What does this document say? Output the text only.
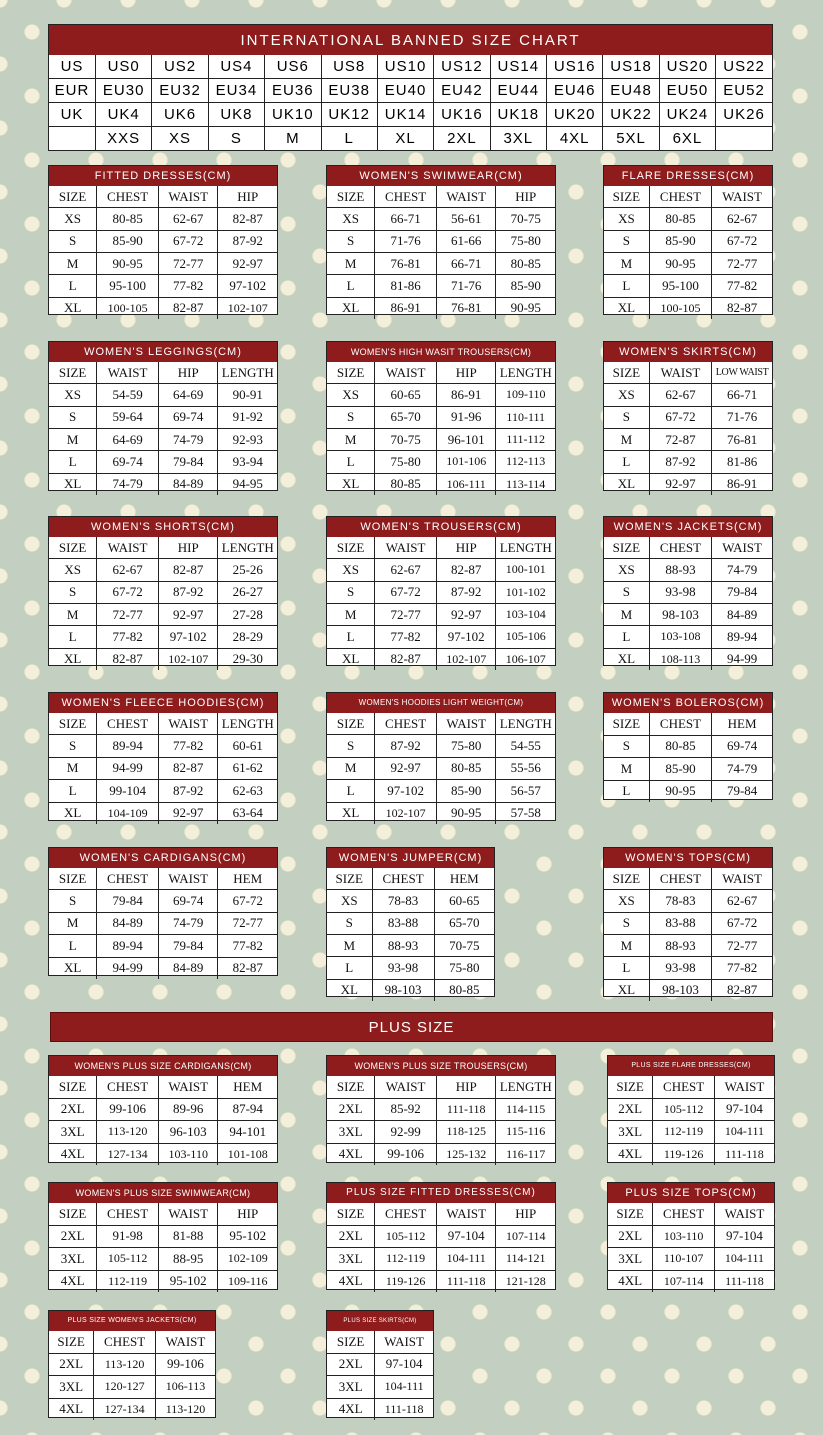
INTERNATIONAL BANNED SIZE CHART
US	US0	US2	US4	US6	US8	US10	US12	US14	US16	US18	US20	US22
EUR	EU30	EU32	EU34	EU36	EU38	EU40	EU42	EU44	EU46	EU48	EU50	EU52
UK	UK4	UK6	UK8	UK10	UK12	UK14	UK16	UK18	UK20	UK22	UK24	UK26
	XXS	XS	S	M	L	XL	2XL	3XL	4XL	5XL	6XL	
PLUS SIZE
FITTED DRESSES(CM)
SIZE	CHEST	WAIST	HIP
XS	80-85	62-67	82-87
S	85-90	67-72	87-92
M	90-95	72-77	92-97
L	95-100	77-82	97-102
XL	100-105	82-87	102-107
WOMEN'S SWIMWEAR(CM)
SIZE	CHEST	WAIST	HIP
XS	66-71	56-61	70-75
S	71-76	61-66	75-80
M	76-81	66-71	80-85
L	81-86	71-76	85-90
XL	86-91	76-81	90-95
FLARE DRESSES(CM)
SIZE	CHEST	WAIST
XS	80-85	62-67
S	85-90	67-72
M	90-95	72-77
L	95-100	77-82
XL	100-105	82-87
WOMEN'S LEGGINGS(CM)
SIZE	WAIST	HIP	LENGTH
XS	54-59	64-69	90-91
S	59-64	69-74	91-92
M	64-69	74-79	92-93
L	69-74	79-84	93-94
XL	74-79	84-89	94-95
WOMEN'S HIGH WASIT TROUSERS(CM)
SIZE	WAIST	HIP	LENGTH
XS	60-65	86-91	109-110
S	65-70	91-96	110-111
M	70-75	96-101	111-112
L	75-80	101-106	112-113
XL	80-85	106-111	113-114
WOMEN'S SKIRTS(CM)
SIZE	WAIST	LOW WAIST
XS	62-67	66-71
S	67-72	71-76
M	72-87	76-81
L	87-92	81-86
XL	92-97	86-91
WOMEN'S SHORTS(CM)
SIZE	WAIST	HIP	LENGTH
XS	62-67	82-87	25-26
S	67-72	87-92	26-27
M	72-77	92-97	27-28
L	77-82	97-102	28-29
XL	82-87	102-107	29-30
WOMEN'S TROUSERS(CM)
SIZE	WAIST	HIP	LENGTH
XS	62-67	82-87	100-101
S	67-72	87-92	101-102
M	72-77	92-97	103-104
L	77-82	97-102	105-106
XL	82-87	102-107	106-107
WOMEN'S JACKETS(CM)
SIZE	CHEST	WAIST
XS	88-93	74-79
S	93-98	79-84
M	98-103	84-89
L	103-108	89-94
XL	108-113	94-99
WOMEN'S FLEECE HOODIES(CM)
SIZE	CHEST	WAIST	LENGTH
S	89-94	77-82	60-61
M	94-99	82-87	61-62
L	99-104	87-92	62-63
XL	104-109	92-97	63-64
WOMEN'S HOODIES LIGHT WEIGHT(CM)
SIZE	CHEST	WAIST	LENGTH
S	87-92	75-80	54-55
M	92-97	80-85	55-56
L	97-102	85-90	56-57
XL	102-107	90-95	57-58
WOMEN'S BOLEROS(CM)
SIZE	CHEST	HEM
S	80-85	69-74
M	85-90	74-79
L	90-95	79-84
WOMEN'S CARDIGANS(CM)
SIZE	CHEST	WAIST	HEM
S	79-84	69-74	67-72
M	84-89	74-79	72-77
L	89-94	79-84	77-82
XL	94-99	84-89	82-87
WOMEN'S JUMPER(CM)
SIZE	CHEST	HEM
XS	78-83	60-65
S	83-88	65-70
M	88-93	70-75
L	93-98	75-80
XL	98-103	80-85
WOMEN'S TOPS(CM)
SIZE	CHEST	WAIST
XS	78-83	62-67
S	83-88	67-72
M	88-93	72-77
L	93-98	77-82
XL	98-103	82-87
WOMEN'S PLUS SIZE CARDIGANS(CM)
SIZE	CHEST	WAIST	HEM
2XL	99-106	89-96	87-94
3XL	113-120	96-103	94-101
4XL	127-134	103-110	101-108
WOMEN'S PLUS SIZE TROUSERS(CM)
SIZE	WAIST	HIP	LENGTH
2XL	85-92	111-118	114-115
3XL	92-99	118-125	115-116
4XL	99-106	125-132	116-117
PLUS SIZE FLARE DRESSES(CM)
SIZE	CHEST	WAIST
2XL	105-112	97-104
3XL	112-119	104-111
4XL	119-126	111-118
WOMEN'S PLUS SIZE SWIMWEAR(CM)
SIZE	CHEST	WAIST	HIP
2XL	91-98	81-88	95-102
3XL	105-112	88-95	102-109
4XL	112-119	95-102	109-116
PLUS SIZE FITTED DRESSES(CM)
SIZE	CHEST	WAIST	HIP
2XL	105-112	97-104	107-114
3XL	112-119	104-111	114-121
4XL	119-126	111-118	121-128
PLUS SIZE TOPS(CM)
SIZE	CHEST	WAIST
2XL	103-110	97-104
3XL	110-107	104-111
4XL	107-114	111-118
PLUS SIZE WOMEN'S JACKETS(CM)
SIZE	CHEST	WAIST
2XL	113-120	99-106
3XL	120-127	106-113
4XL	127-134	113-120
PLUS SIZE SKIRTS(CM)
SIZE	WAIST
2XL	97-104
3XL	104-111
4XL	111-118
